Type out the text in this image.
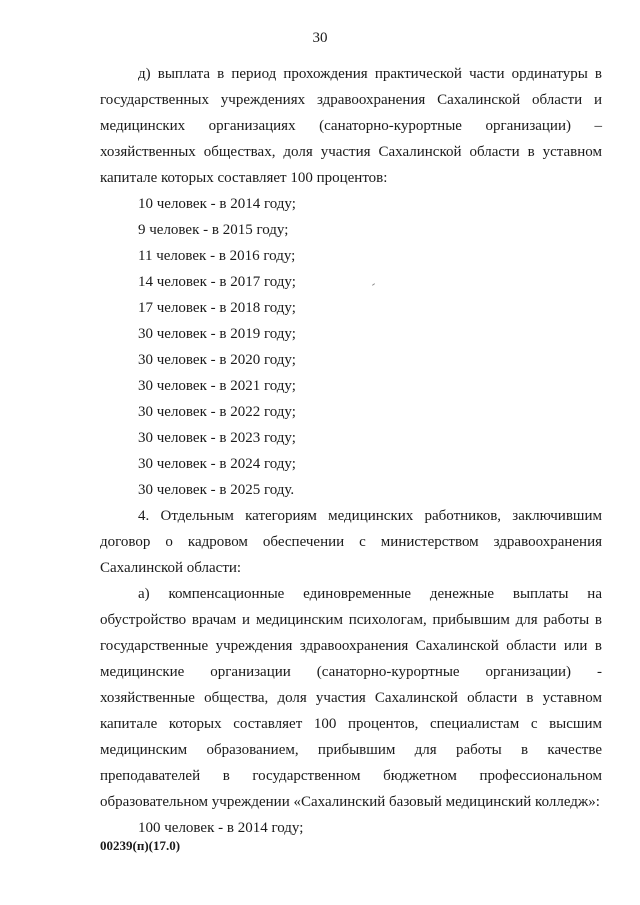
30

д) выплата в период прохождения практической части ординатуры в государственных учреждениях здравоохранения Сахалинской области и медицинских организациях (санаторно-курортные организации) – хозяйственных обществах, доля участия Сахалинской области в уставном капитале которых составляет 100 процентов:

10 человек - в 2014 году;
9 человек - в 2015 году;
11 человек - в 2016 году;
14 человек - в 2017 году;
17 человек - в 2018 году;
30 человек - в 2019 году;
30 человек - в 2020 году;
30 человек - в 2021 году;
30 человек - в 2022 году;
30 человек - в 2023 году;
30 человек - в 2024 году;
30 человек - в 2025 году.

4. Отдельным категориям медицинских работников, заключившим договор о кадровом обеспечении с министерством здравоохранения Сахалинской области:

а) компенсационные единовременные денежные выплаты на обустройство врачам и медицинским психологам, прибывшим для работы в государственные учреждения здравоохранения Сахалинской области или в медицинские организации (санаторно-курортные организации) - хозяйственные общества, доля участия Сахалинской области в уставном капитале которых составляет 100 процентов, специалистам с высшим медицинским образованием, прибывшим для работы в качестве преподавателей в государственном бюджетном профессиональном образовательном учреждении «Сахалинский базовый медицинский колледж»:

100 человек - в 2014 году;

00239(п)(17.0)
